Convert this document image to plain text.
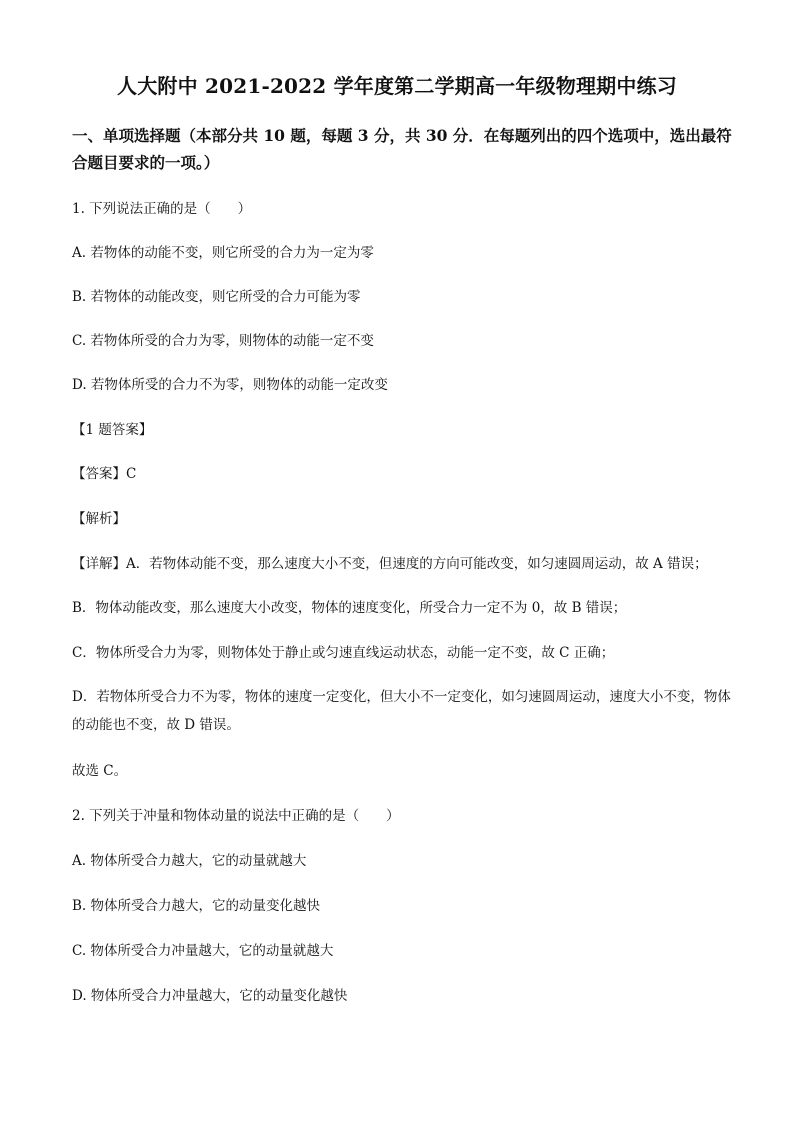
人大附中 2021-2022 学年度第二学期高一年级物理期中练习
一、单项选择题（本部分共 10 题，每题 3 分，共 30 分．在每题列出的四个选项中，选出最符合题目要求的一项。）
1. 下列说法正确的是（　　）
A. 若物体的动能不变，则它所受的合力为一定为零
B. 若物体的动能改变，则它所受的合力可能为零
C. 若物体所受的合力为零，则物体的动能一定不变
D. 若物体所受的合力不为零，则物体的动能一定改变
【1 题答案】
【答案】C
【解析】
【详解】A．若物体动能不变，那么速度大小不变，但速度的方向可能改变，如匀速圆周运动，故 A 错误；
B．物体动能改变，那么速度大小改变，物体的速度变化，所受合力一定不为 0，故 B 错误；
C．物体所受合力为零，则物体处于静止或匀速直线运动状态，动能一定不变，故 C 正确；
D．若物体所受合力不为零，物体的速度一定变化，但大小不一定变化，如匀速圆周运动，速度大小不变，物体的动能也不变，故 D 错误。
故选 C。
2. 下列关于冲量和物体动量的说法中正确的是（　　）
A. 物体所受合力越大，它的动量就越大
B. 物体所受合力越大，它的动量变化越快
C. 物体所受合力冲量越大，它的动量就越大
D. 物体所受合力冲量越大，它的动量变化越快
